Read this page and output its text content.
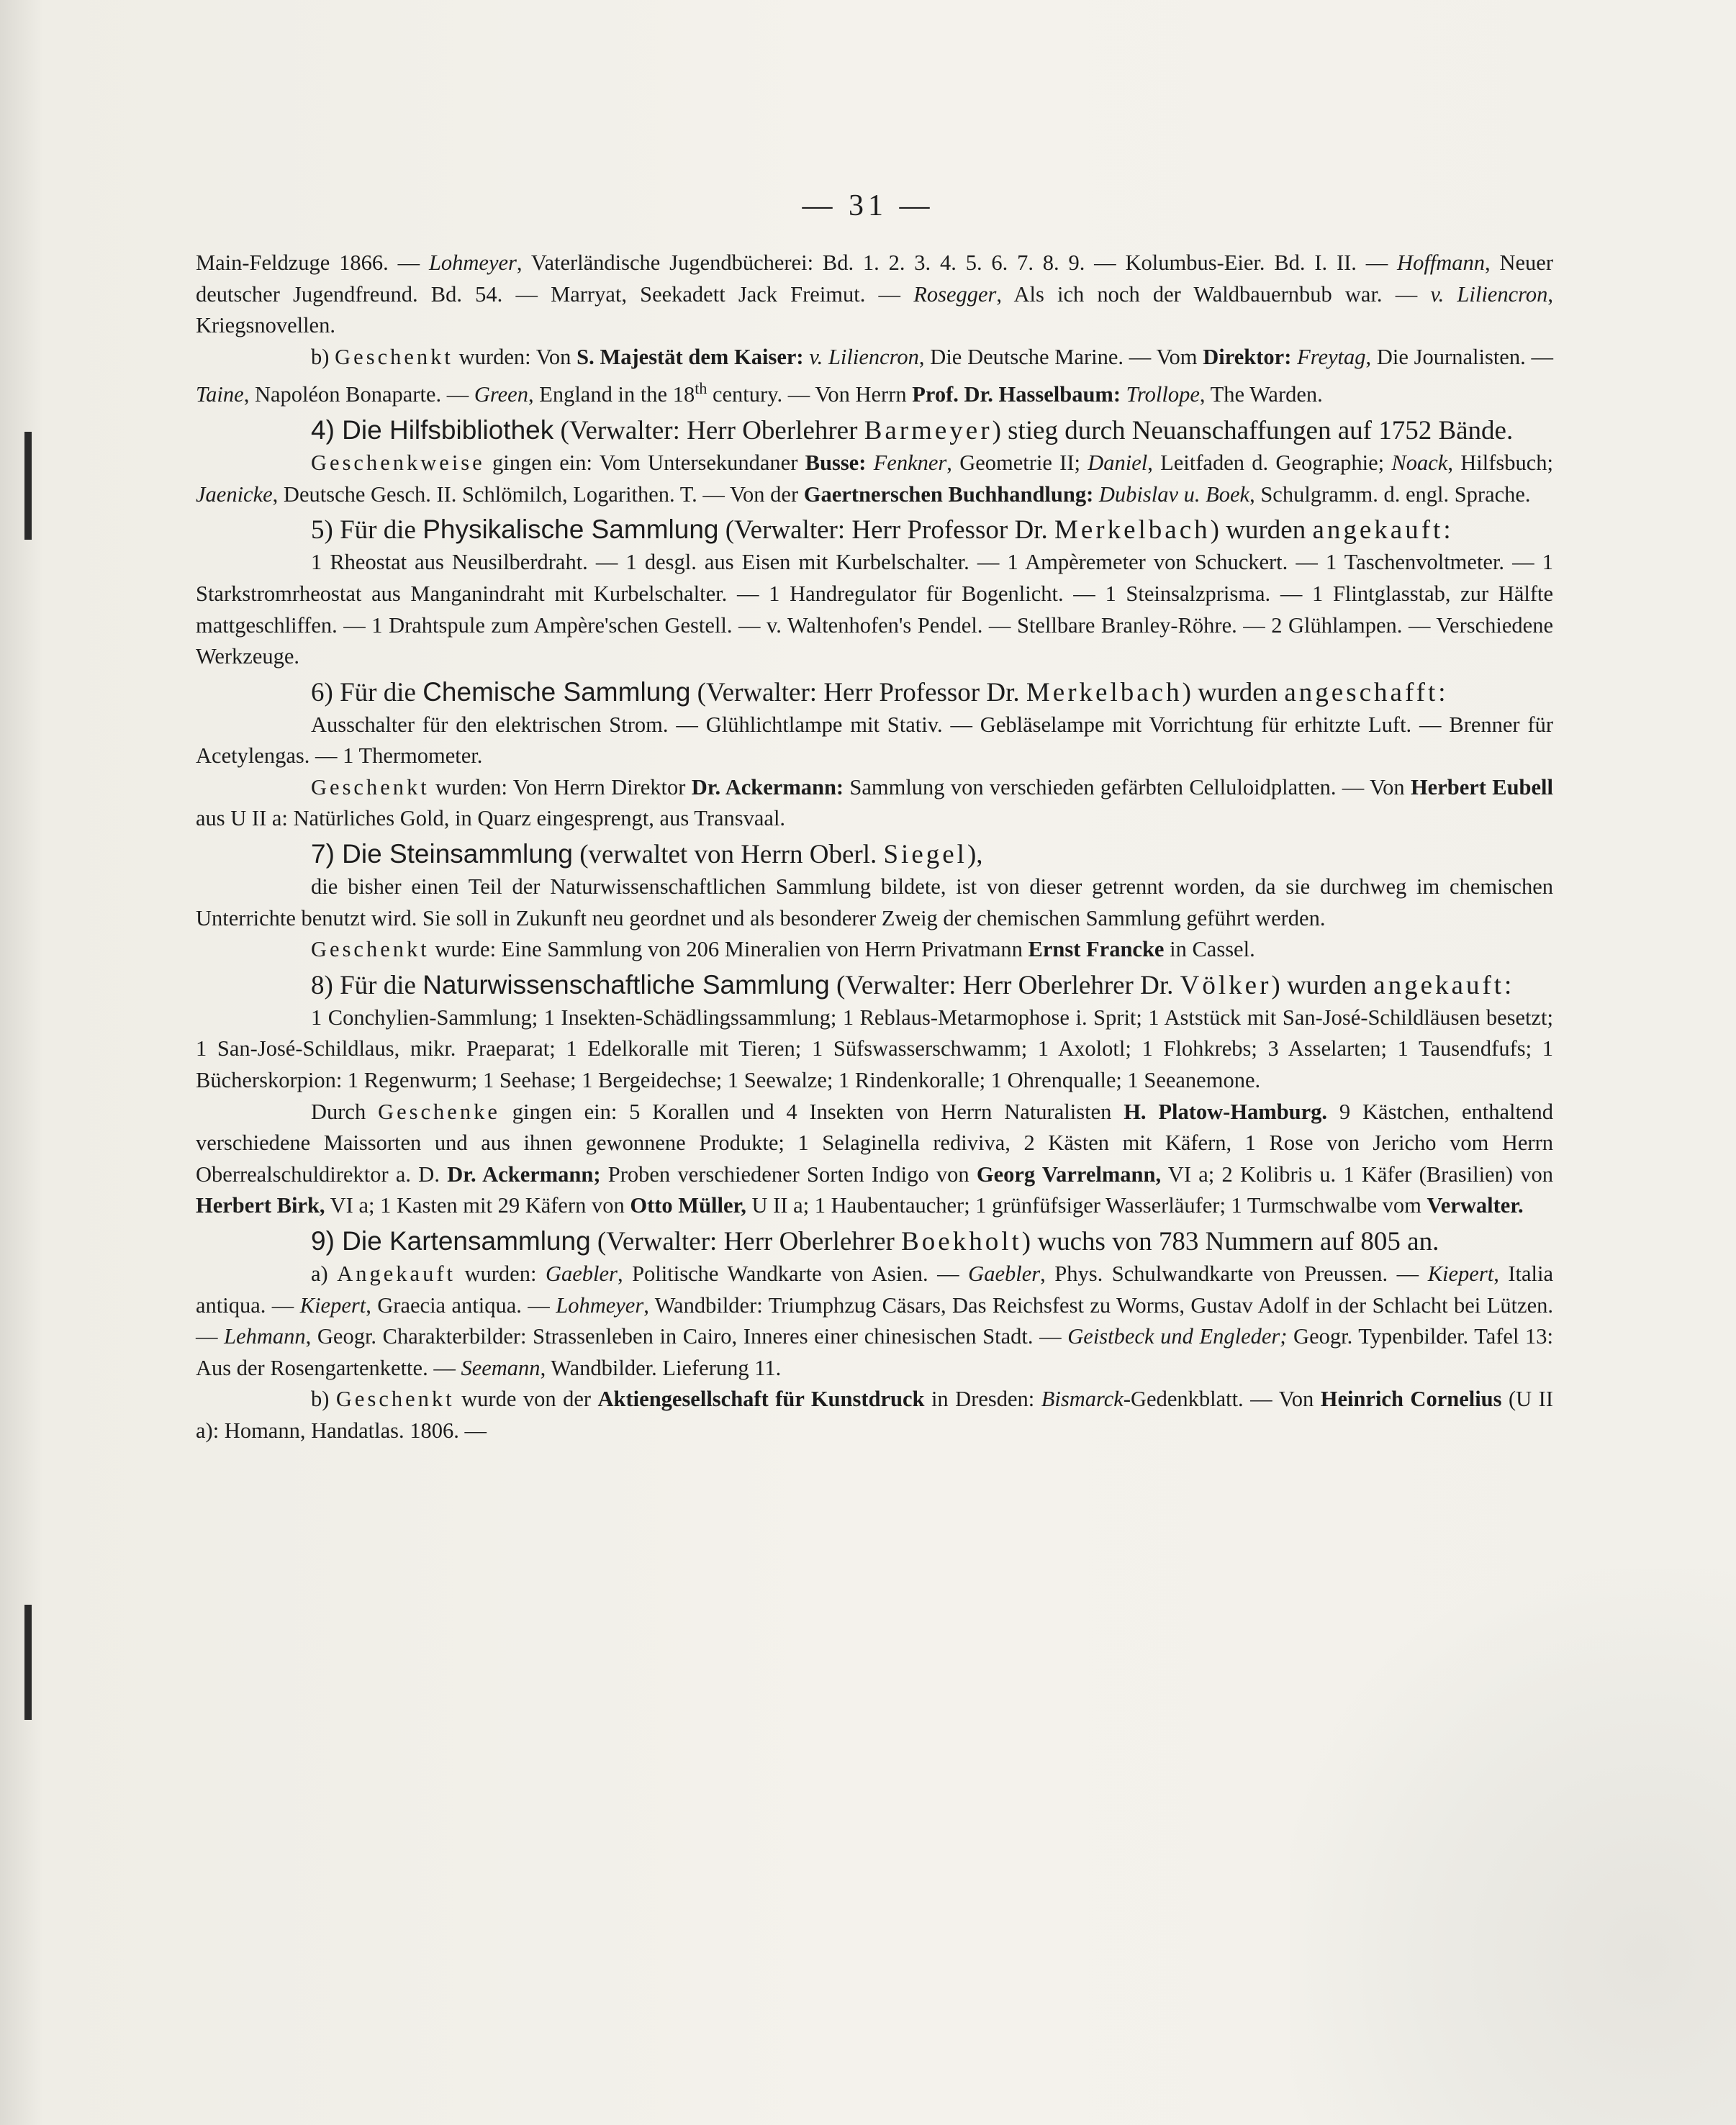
— 31 —

Main-Feldzuge 1866. — Lohmeyer, Vaterländische Jugendbücherei: Bd. 1. 2. 3. 4. 5. 6. 7. 8. 9. — Kolumbus-Eier. Bd. I. II. — Hoffmann, Neuer deutscher Jugendfreund. Bd. 54. — Marryat, Seekadett Jack Freimut. — Rosegger, Als ich noch der Waldbauernbub war. — v. Liliencron, Kriegsnovellen.

b) Geschenkt wurden: Von S. Majestät dem Kaiser: v. Liliencron, Die Deutsche Marine. — Vom Direktor: Freytag, Die Journalisten. — Taine, Napoléon Bonaparte. — Green, England in the 18th century. — Von Herrn Prof. Dr. Hasselbaum: Trollope, The Warden.

4) Die Hilfsbibliothek (Verwalter: Herr Oberlehrer Barmeyer) stieg durch Neuanschaffungen auf 1752 Bände.

Geschenkweise gingen ein: Vom Untersekundaner Busse: Fenkner, Geometrie II; Daniel, Leitfaden d. Geographie; Noack, Hilfsbuch; Jaenicke, Deutsche Gesch. II. Schlömilch, Logarithen. T. — Von der Gaertnerschen Buchhandlung: Dubislav u. Boek, Schulgramm. d. engl. Sprache.

5) Für die Physikalische Sammlung (Verwalter: Herr Professor Dr. Merkelbach) wurden angekauft:

1 Rheostat aus Neusilberdraht. — 1 desgl. aus Eisen mit Kurbelschalter. — 1 Ampèremeter von Schuckert. — 1 Taschenvoltmeter. — 1 Starkstromrheostat aus Manganindraht mit Kurbelschalter. — 1 Handregulator für Bogenlicht. — 1 Steinsalzprisma. — 1 Flintglasstab, zur Hälfte mattgeschliffen. — 1 Drahtspule zum Ampère'schen Gestell. — v. Waltenhofen's Pendel. — Stellbare Branley-Röhre. — 2 Glühlampen. — Verschiedene Werkzeuge.

6) Für die Chemische Sammlung (Verwalter: Herr Professor Dr. Merkelbach) wurden angeschafft:

Ausschalter für den elektrischen Strom. — Glühlichtlampe mit Stativ. — Gebläselampe mit Vorrichtung für erhitzte Luft. — Brenner für Acetylengas. — 1 Thermometer.

Geschenkt wurden: Von Herrn Direktor Dr. Ackermann: Sammlung von verschieden gefärbten Celluloidplatten. — Von Herbert Eubell aus U II a: Natürliches Gold, in Quarz eingesprengt, aus Transvaal.

7) Die Steinsammlung (verwaltet von Herrn Oberl. Siegel),

die bisher einen Teil der Naturwissenschaftlichen Sammlung bildete, ist von dieser getrennt worden, da sie durchweg im chemischen Unterrichte benutzt wird. Sie soll in Zukunft neu geordnet und als besonderer Zweig der chemischen Sammlung geführt werden.

Geschenkt wurde: Eine Sammlung von 206 Mineralien von Herrn Privatmann Ernst Francke in Cassel.

8) Für die Naturwissenschaftliche Sammlung (Verwalter: Herr Oberlehrer Dr. Völker) wurden angekauft:

1 Conchylien-Sammlung; 1 Insekten-Schädlingssammlung; 1 Reblaus-Metarmophose i. Sprit; 1 Aststück mit San-José-Schildläusen besetzt; 1 San-José-Schildlaus, mikr. Praeparat; 1 Edelkoralle mit Tieren; 1 Süfswasserschwamm; 1 Axolotl; 1 Flohkrebs; 3 Asselarten; 1 Tausendfufs; 1 Bücherskorpion: 1 Regenwurm; 1 Seehase; 1 Bergeidechse; 1 Seewalze; 1 Rindenkoralle; 1 Ohrenqualle; 1 Seeanemone.

Durch Geschenke gingen ein: 5 Korallen und 4 Insekten von Herrn Naturalisten H. Platow-Hamburg. 9 Kästchen, enthaltend verschiedene Maissorten und aus ihnen gewonnene Produkte; 1 Selaginella rediviva, 2 Kästen mit Käfern, 1 Rose von Jericho vom Herrn Oberrealschuldirektor a. D. Dr. Ackermann; Proben verschiedener Sorten Indigo von Georg Varrelmann, VI a; 2 Kolibris u. 1 Käfer (Brasilien) von Herbert Birk, VI a; 1 Kasten mit 29 Käfern von Otto Müller, U II a; 1 Haubentaucher; 1 grünfüfsiger Wasserläufer; 1 Turmschwalbe vom Verwalter.

9) Die Kartensammlung (Verwalter: Herr Oberlehrer Boekholt) wuchs von 783 Nummern auf 805 an.

a) Angekauft wurden: Gaebler, Politische Wandkarte von Asien. — Gaebler, Phys. Schulwandkarte von Preussen. — Kiepert, Italia antiqua. — Kiepert, Graecia antiqua. — Lohmeyer, Wandbilder: Triumphzug Cäsars, Das Reichsfest zu Worms, Gustav Adolf in der Schlacht bei Lützen. — Lehmann, Geogr. Charakterbilder: Strassenleben in Cairo, Inneres einer chinesischen Stadt. — Geistbeck und Engleder; Geogr. Typenbilder. Tafel 13: Aus der Rosengartenkette. — Seemann, Wandbilder. Lieferung 11.

b) Geschenkt wurde von der Aktiengesellschaft für Kunstdruck in Dresden: Bismarck-Gedenkblatt. — Von Heinrich Cornelius (U II a): Homann, Handatlas. 1806. —
